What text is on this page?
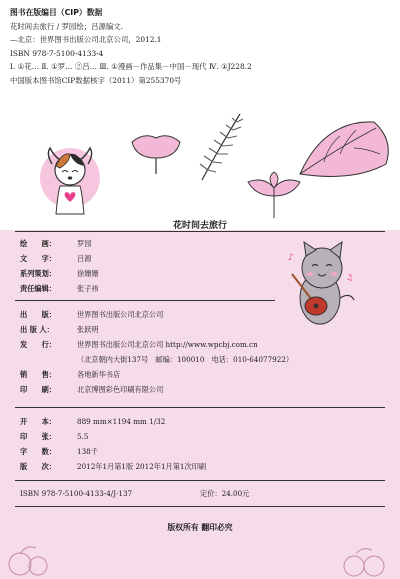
图书在版编目（CIP）数据
花时间去旅行 / 罗园绘；吕源编文.
—北京：世界图书出版公司北京公司，2012.1
ISBN 978-7-5100-4133-4
Ⅰ. ①花… Ⅱ. ①罗… ②吕… Ⅲ. ①漫画－作品集－中国－现代 Ⅳ. ①J228.2
中国版本图书馆CIP数据核字（2011）第255370号
花时间去旅行
绘　　画：	罗园
文　　字：	吕源
系列策划：	徐姗姗
责任编辑：	张子祎
♪
♫
出　　版：	世界图书出版公司北京公司
出 版 人：	张跃明
发　　行：	世界图书出版公司北京公司 http://www.wpcbj.com.cn
（北京朝内大街137号　邮编：100010　电话：010-64077922）
销　　售：	各地新华书店
印　　刷：	北京博图彩色印刷有限公司
开　　本：	889 mm×1194 mm 1/32
印　　张：	5.5
字　　数：	138千
版　　次：	2012年1月第1版 2012年1月第1次印刷
ISBN 978-7-5100-4133-4/J·137	定价：24.00元
版权所有 翻印必究
